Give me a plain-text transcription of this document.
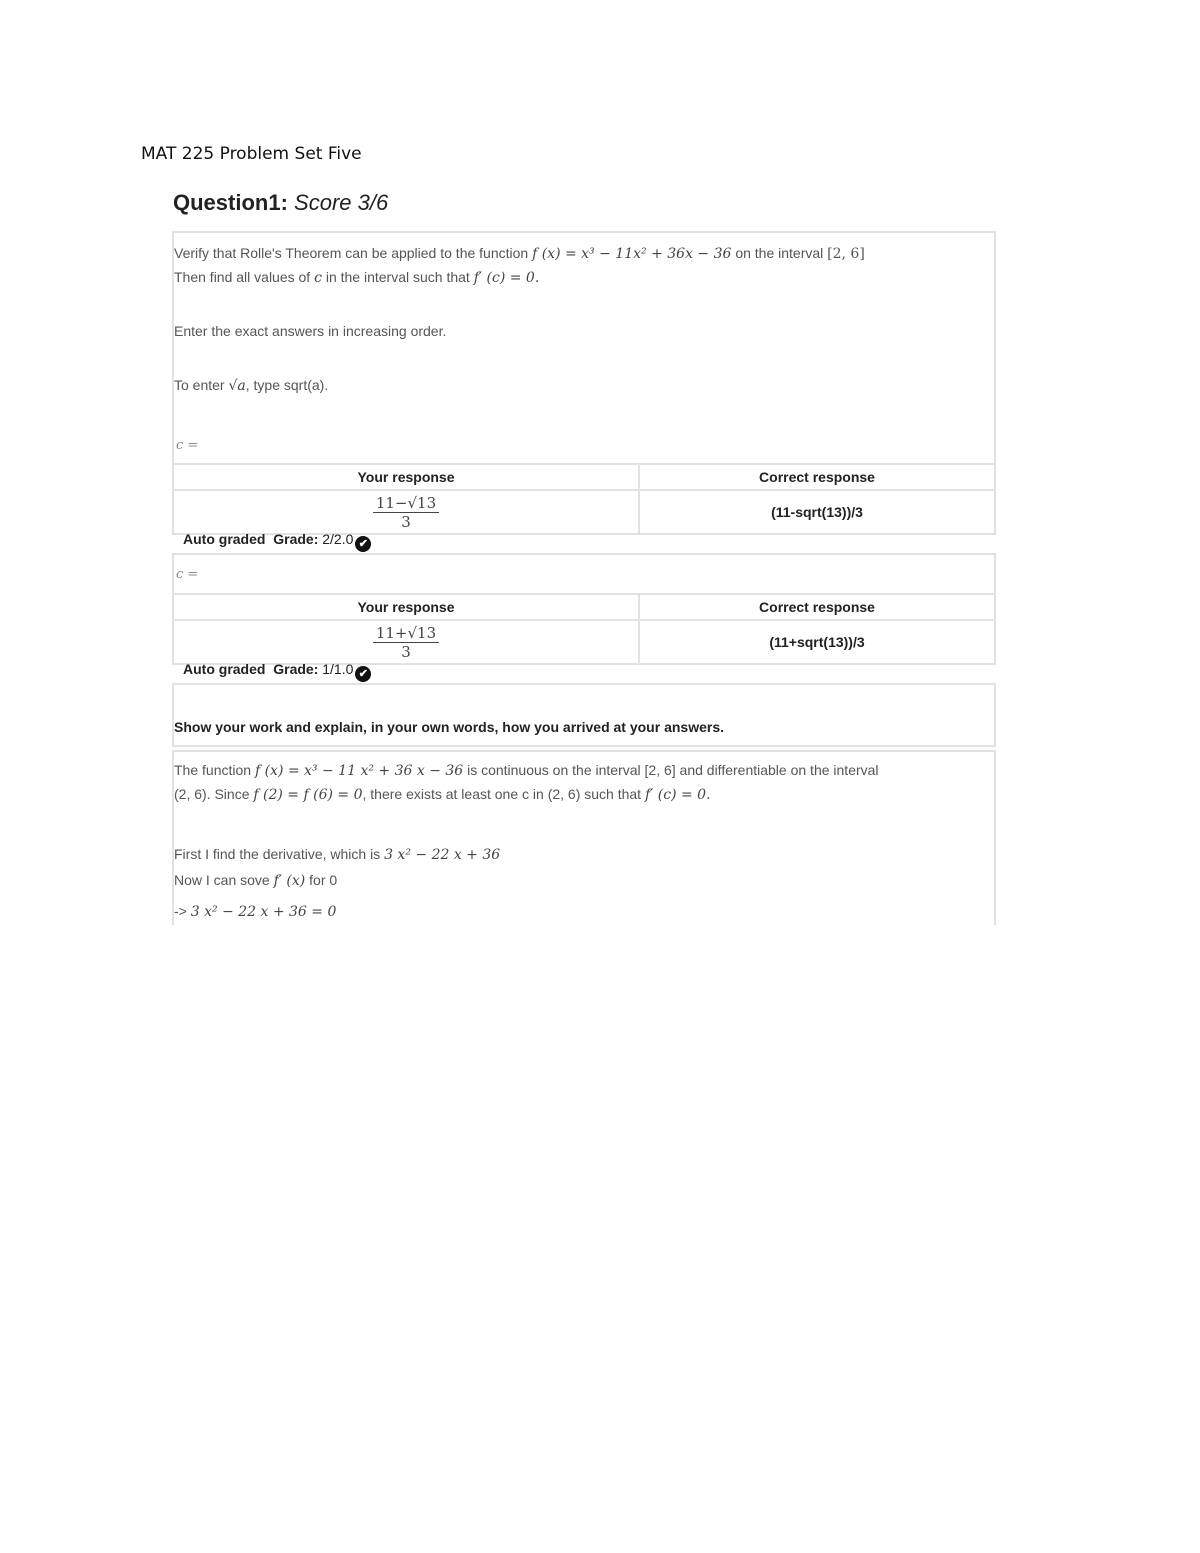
MAT 225 Problem Set Five
Question1: Score 3/6
Verify that Rolle's Theorem can be applied to the function f (x) = x³ − 11x² + 36x − 36 on the interval [2, 6]
Then find all values of c in the interval such that f′ (c) = 0.
Enter the exact answers in increasing order.
To enter √a, type sqrt(a).
c =
Your response	Correct response

$\frac{11-√13}{3}$	(11-sqrt(13))/3
Auto graded Grade: 2/2.0 ✔
c =
Your response	Correct response

$\frac{11+√13}{3}$	(11+sqrt(13))/3
Auto graded Grade: 1/1.0 ✔
Show your work and explain, in your own words, how you arrived at your answers.
The function f (x) = x³ − 11 x² + 36 x − 36 is continuous on the interval [2, 6] and differentiable on the interval
(2, 6). Since f (2) = f (6) = 0, there exists at least one c in (2, 6) such that f′ (c) = 0.
First I find the derivative, which is 3 x² − 22 x + 36
Now I can sove f′ (x) for 0
-> 3 x² − 22 x + 36 = 0
